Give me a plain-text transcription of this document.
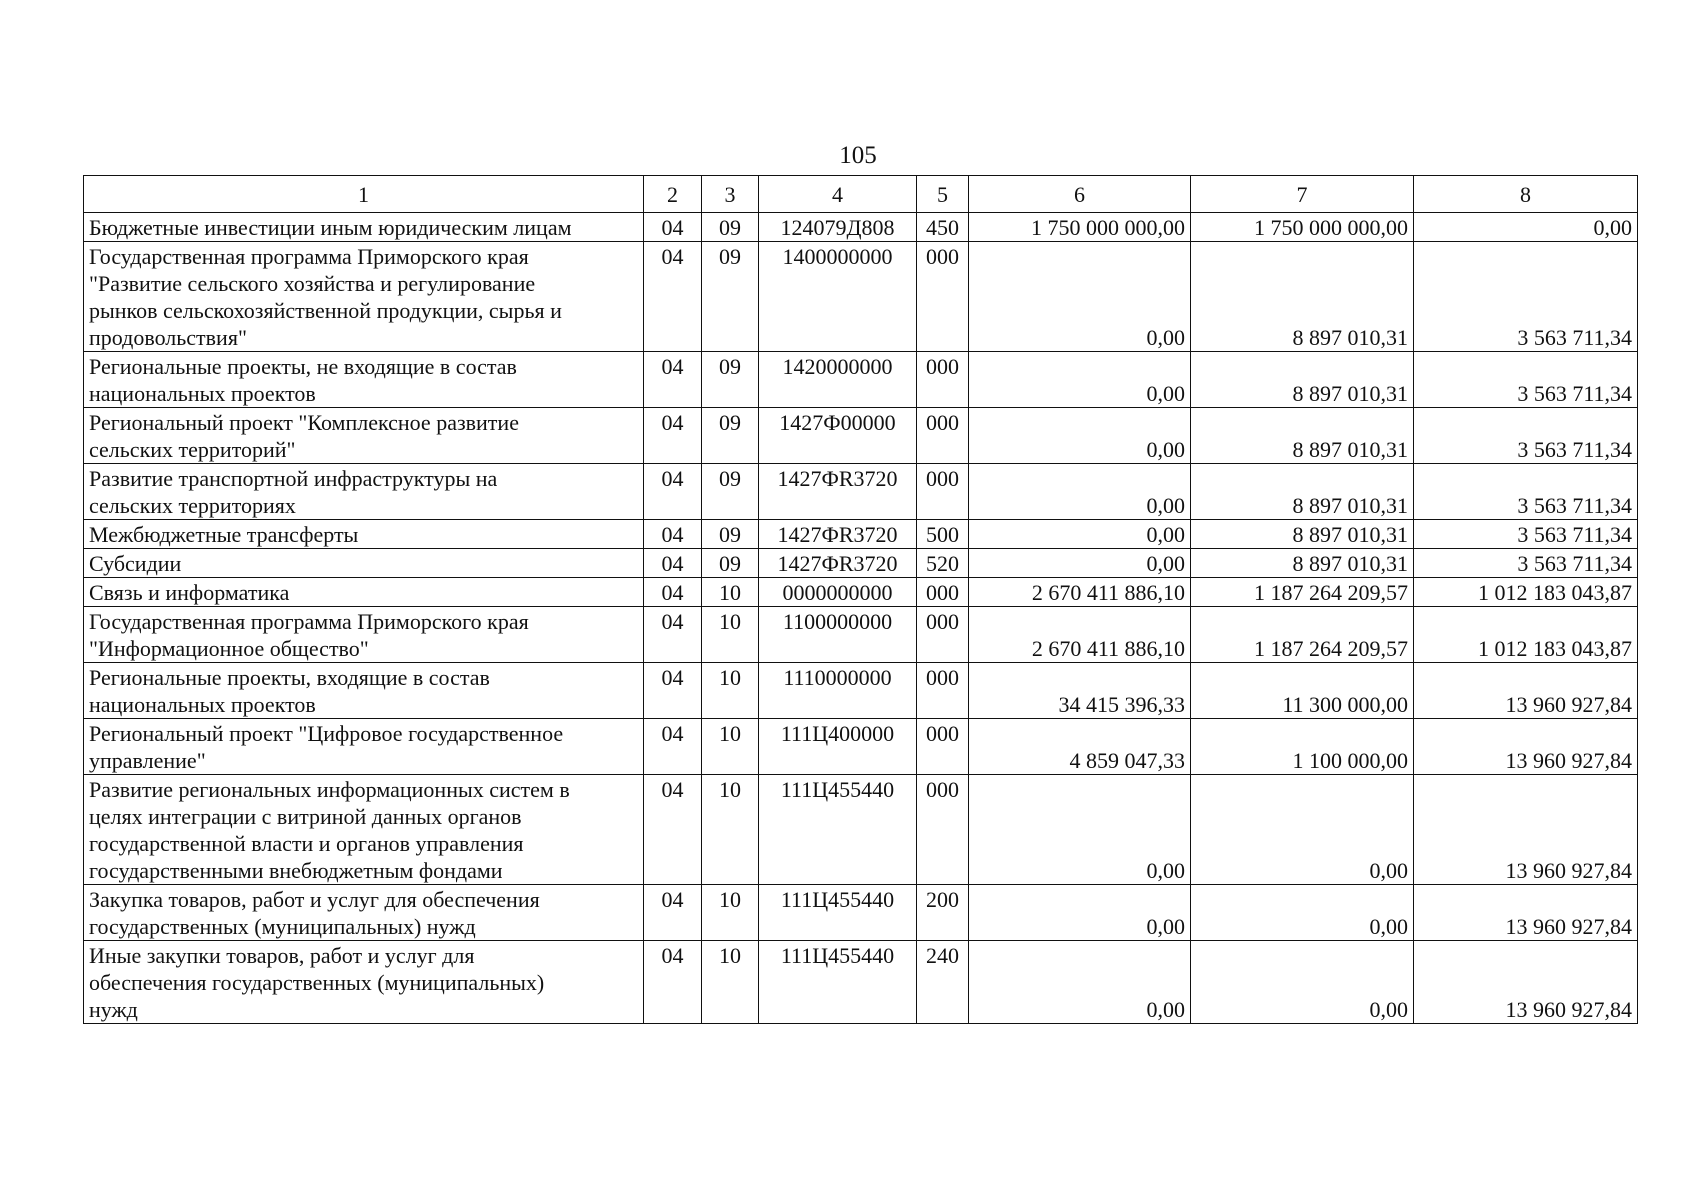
105
1	2	3	4	5	6	7	8

Бюджетные инвестиции иным юридическим лицам	04	09	124079Д808	450	1 750 000 000,00	1 750 000 000,00	0,00

Государственная программа Приморского края
"Развитие сельского хозяйства и регулирование
рынков сельскохозяйственной продукции, сырья и
продовольствия"	04	09	1400000000	000	0,00	8 897 010,31	3 563 711,34

Региональные проекты, не входящие в состав
национальных проектов	04	09	1420000000	000	0,00	8 897 010,31	3 563 711,34

Региональный проект "Комплексное развитие
сельских территорий"	04	09	1427Ф00000	000	0,00	8 897 010,31	3 563 711,34

Развитие транспортной инфраструктуры на
сельских территориях	04	09	1427ФR3720	000	0,00	8 897 010,31	3 563 711,34

Межбюджетные трансферты	04	09	1427ФR3720	500	0,00	8 897 010,31	3 563 711,34

Субсидии	04	09	1427ФR3720	520	0,00	8 897 010,31	3 563 711,34

Связь и информатика	04	10	0000000000	000	2 670 411 886,10	1 187 264 209,57	1 012 183 043,87

Государственная программа Приморского края
"Информационное общество"	04	10	1100000000	000	2 670 411 886,10	1 187 264 209,57	1 012 183 043,87

Региональные проекты, входящие в состав
национальных проектов	04	10	1110000000	000	34 415 396,33	11 300 000,00	13 960 927,84

Региональный проект "Цифровое государственное
управление"	04	10	111Ц400000	000	4 859 047,33	1 100 000,00	13 960 927,84

Развитие региональных информационных систем в
целях интеграции с витриной данных органов
государственной власти и органов управления
государственными внебюджетным фондами	04	10	111Ц455440	000	0,00	0,00	13 960 927,84

Закупка товаров, работ и услуг для обеспечения
государственных (муниципальных) нужд	04	10	111Ц455440	200	0,00	0,00	13 960 927,84

Иные закупки товаров, работ и услуг для
обеспечения государственных (муниципальных)
нужд	04	10	111Ц455440	240	0,00	0,00	13 960 927,84
